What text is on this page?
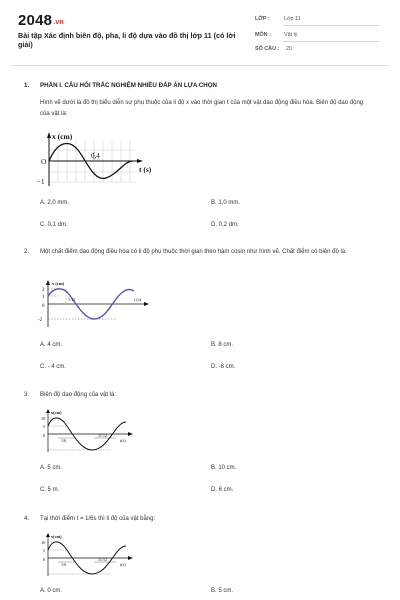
2048.vn
Bài tập Xác định biên độ, pha, li độ dựa vào đồ thị lớp 11 (có lời giải)
LỚP :	Lớp 11
MÔN : Vật lý
SỐ CÂU : 20
1. PHẦN I. CÂU HỎI TRẮC NGHIỆM NHIỀU ĐÁP ÁN LỰA CHỌN
Hình vẽ dưới là đồ thị biểu diễn sự phụ thuộc của li độ x vào thời gian t của một vật dao động điều hòa. Biên độ dao động của vật là:
x (cm)
t (s)
0,4
O
−1
A. 2,0 mm.	B. 1,0 mm.
C. 0,1 dm.	D. 0,2 dm.
2. Một chất điểm dao động điều hòa có li độ phụ thuộc thời gian theo hàm cosin như hình vẽ. Chất điểm có biên độ là:
x (cm)
t (s)
1/12
2
1
0
-2
A. 4 cm.	B. 8 cm.
C. - 4 cm.	D. -8 cm.
3. Biên độ dao động của vật là:
x(cm)
t(s)
10
5
0
1/6
11/12
A. 5 cm.	B. 10 cm.
C. 5 m.	D. 6 cm.
4. Tại thời điểm t = 1/6s thì li độ của vật bằng:
x(cm)
t(s)
10
5
0
1/6
11/12
A. 0 cm.	B. 5 cm.
